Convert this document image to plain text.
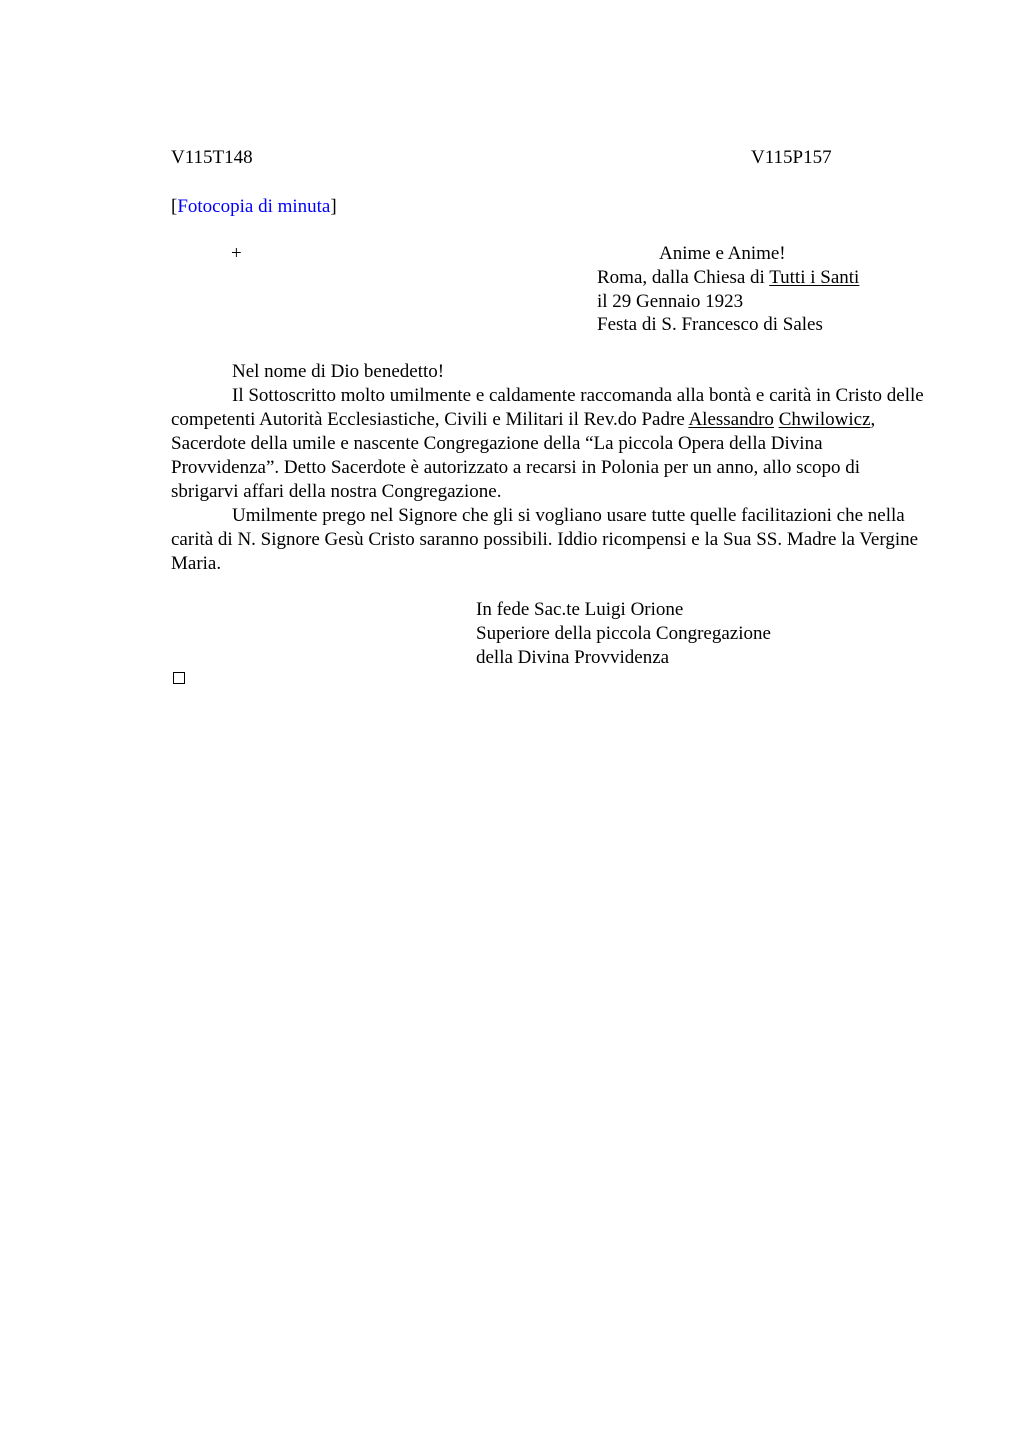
V115T148	V115P157
[Fotocopia di minuta]
+	Anime e Anime!
Roma, dalla Chiesa di Tutti i Santi
il 29 Gennaio 1923
Festa di S. Francesco di Sales

Nel nome di Dio benedetto!

Il Sottoscritto molto umilmente e caldamente raccomanda alla bontà e carità in Cristo delle competenti Autorità Ecclesiastiche, Civili e Militari il Rev.do Padre Alessandro Chwilowicz, Sacerdote della umile e nascente Congregazione della “La piccola Opera della Divina Provvidenza”. Detto Sacerdote è autorizzato a recarsi in Polonia per un anno, allo scopo di sbrigarvi affari della nostra Congregazione.

Umilmente prego nel Signore che gli si vogliano usare tutte quelle facilitazioni che nella carità di N. Signore Gesù Cristo saranno possibili. Iddio ricompensi e la Sua SS. Madre la Vergine Maria.

In fede Sac.te Luigi Orione
Superiore della piccola Congregazione
della Divina Provvidenza
